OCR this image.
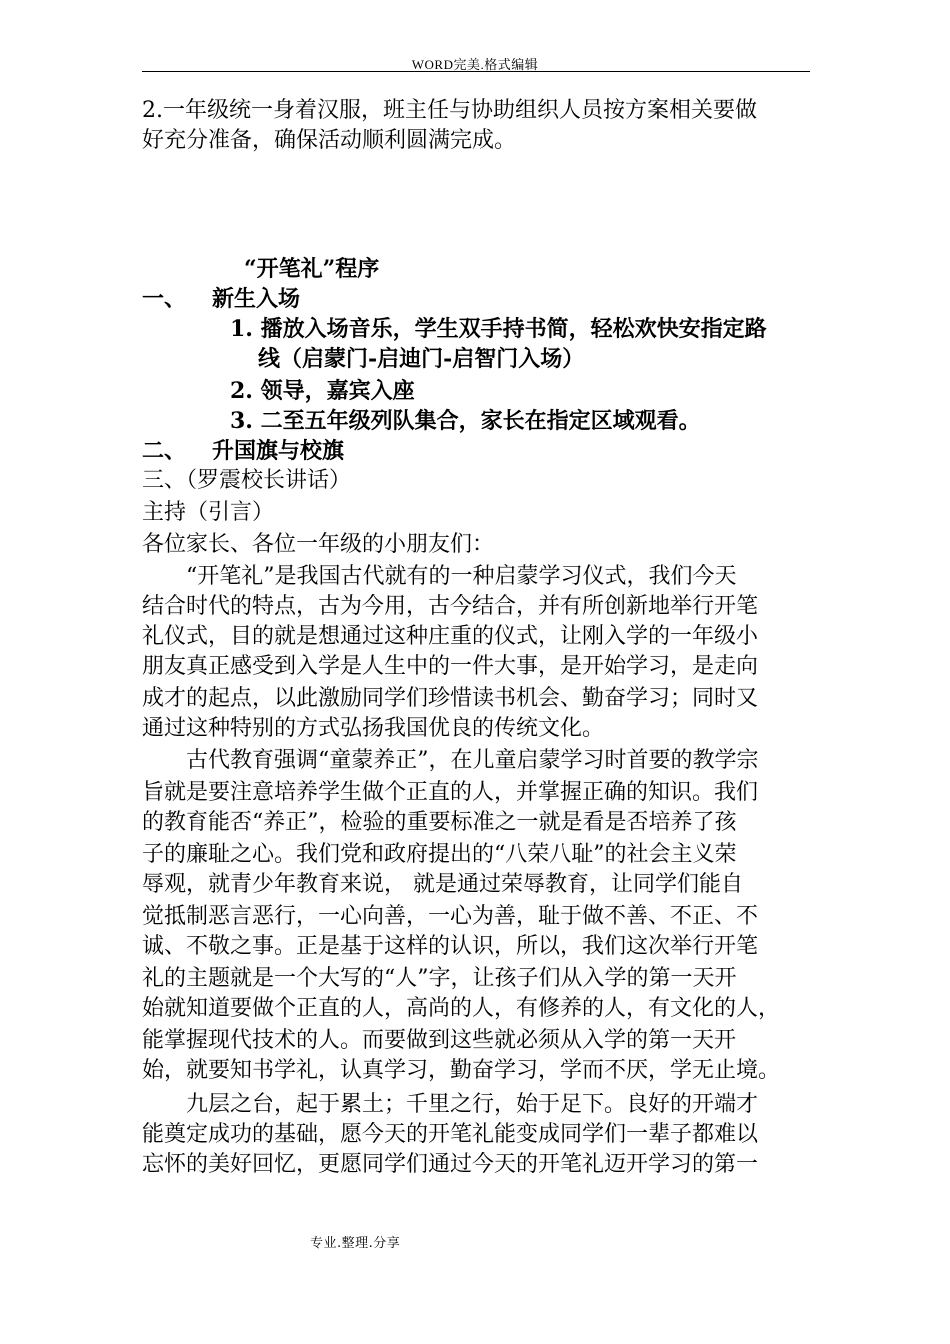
WORD完美.格式编辑
2.一年级统一身着汉服，班主任与协助组织人员按方案相关要做
好充分准备，确保活动顺利圆满完成。
“开笔礼”程序
一、 新生入场
1. 播放入场音乐，学生双手持书简，轻松欢快安指定路
线（启蒙门-启迪门-启智门入场）
2. 领导，嘉宾入座
3. 二至五年级列队集合，家长在指定区域观看。
二、 升国旗与校旗
三、（罗震校长讲话）
主持（引言）
各位家长、各位一年级的小朋友们：
“开笔礼”是我国古代就有的一种启蒙学习仪式，我们今天
结合时代的特点，古为今用，古今结合，并有所创新地举行开笔
礼仪式，目的就是想通过这种庄重的仪式，让刚入学的一年级小
朋友真正感受到入学是人生中的一件大事，是开始学习，是走向
成才的起点，以此激励同学们珍惜读书机会、勤奋学习；同时又
通过这种特别的方式弘扬我国优良的传统文化。
古代教育强调“童蒙养正”，在儿童启蒙学习时首要的教学宗
旨就是要注意培养学生做个正直的人，并掌握正确的知识。我们
的教育能否“养正”，检验的重要标准之一就是看是否培养了孩
子的廉耻之心。我们党和政府提出的“八荣八耻”的社会主义荣
辱观，就青少年教育来说， 就是通过荣辱教育，让同学们能自
觉抵制恶言恶行，一心向善，一心为善，耻于做不善、不正、不
诚、不敬之事。正是基于这样的认识，所以，我们这次举行开笔
礼的主题就是一个大写的“人”字，让孩子们从入学的第一天开
始就知道要做个正直的人，高尚的人，有修养的人，有文化的人，
能掌握现代技术的人。而要做到这些就必须从入学的第一天开
始，就要知书学礼，认真学习，勤奋学习，学而不厌，学无止境。
九层之台，起于累土；千里之行，始于足下。良好的开端才
能奠定成功的基础，愿今天的开笔礼能变成同学们一辈子都难以
忘怀的美好回忆，更愿同学们通过今天的开笔礼迈开学习的第一
专业.整理.分享
